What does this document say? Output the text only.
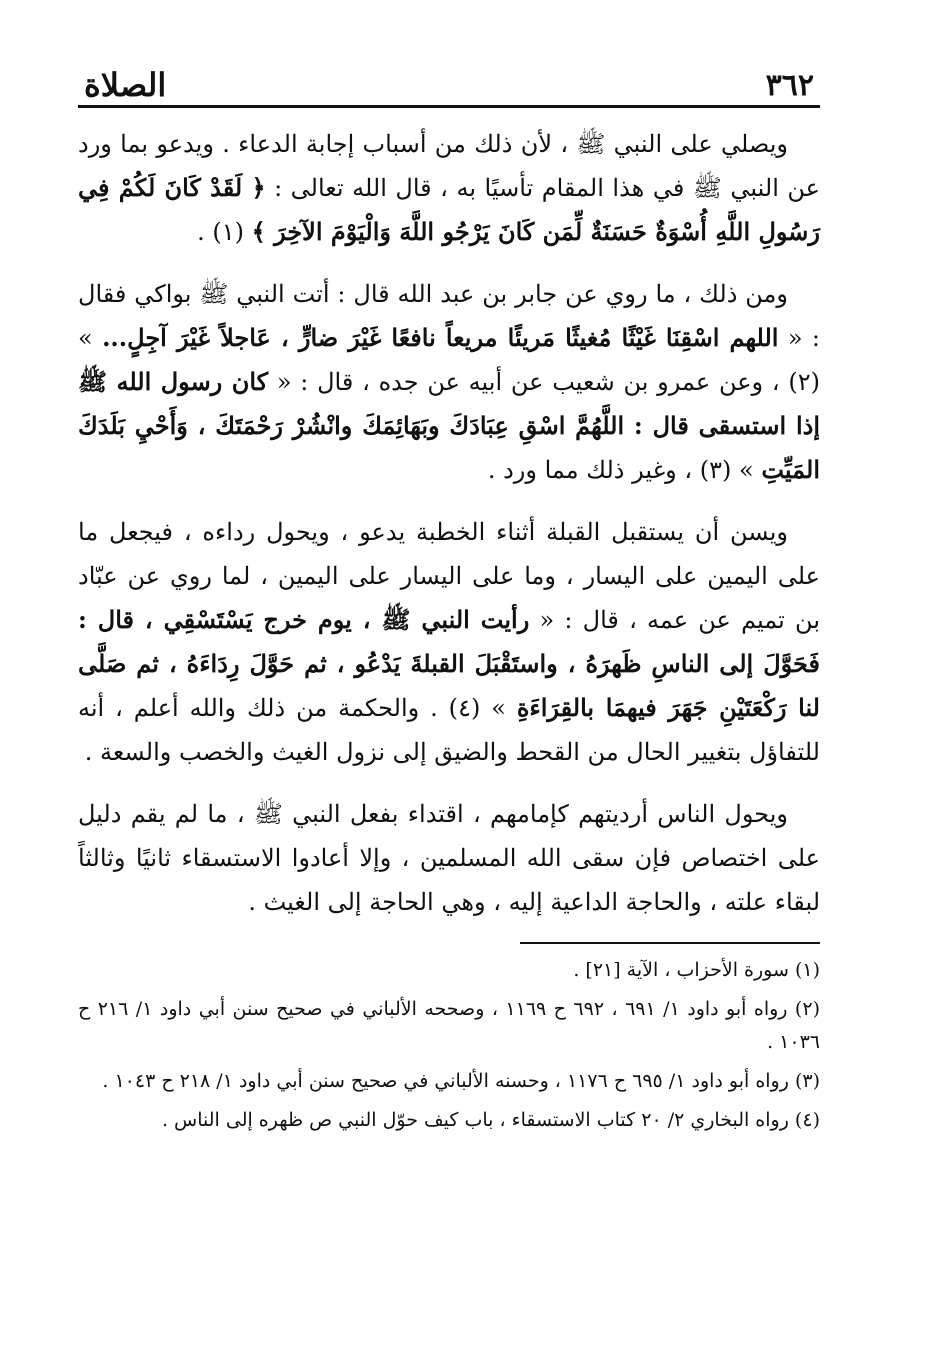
٣٦٢
الصلاة

ويصلي على النبي ﷺ ، لأن ذلك من أسباب إجابة الدعاء . ويدعو بما ورد عن النبي ﷺ في هذا المقام تأسيًا به ، قال الله تعالى : ﴿ لَقَدْ كَانَ لَكُمْ فِي رَسُولِ اللَّهِ أُسْوَةٌ حَسَنَةٌ لِّمَن كَانَ يَرْجُو اللَّهَ وَالْيَوْمَ الآخِرَ ﴾ (١) .

ومن ذلك ، ما روي عن جابر بن عبد الله قال : أتت النبي ﷺ بواكي فقال : « اللهم اسْقِنَا غَيْثًا مُغيثًا مَريئًا مريعاً نافعًا غَيْرَ ضارٍّ ، عَاجلاً غَيْرَ آجِلٍ... » (٢) ، وعن عمرو بن شعيب عن أبيه عن جده ، قال : « كان رسول الله ﷺ إذا استسقى قال : اللَّهُمَّ اسْقِ عِبَادَكَ وبَهَائِمَكَ وانْشُرْ رَحْمَتَكَ ، وَأَحْيِ بَلَدَكَ المَيِّتِ » (٣) ، وغير ذلك مما ورد .

ويسن أن يستقبل القبلة أثناء الخطبة يدعو ، ويحول رداءه ، فيجعل ما على اليمين على اليسار ، وما على اليسار على اليمين ، لما روي عن عبّاد بن تميم عن عمه ، قال : « رأيت النبي ﷺ ، يوم خرج يَسْتَسْقِي ، قال : فَحَوَّلَ إلى الناسِ ظَهرَهُ ، واستَقْبَلَ القبلةَ يَدْعُو ، ثم حَوَّلَ رِدَاءَهُ ، ثم صَلَّى لنا رَكْعَتَيْنِ جَهَرَ فيهمَا بالقِرَاءَةِ » (٤) . والحكمة من ذلك والله أعلم ، أنه للتفاؤل بتغيير الحال من القحط والضيق إلى نزول الغيث والخصب والسعة .

ويحول الناس أرديتهم كإمامهم ، اقتداء بفعل النبي ﷺ ، ما لم يقم دليل على اختصاص فإن سقى الله المسلمين ، وإلا أعادوا الاستسقاء ثانيًا وثالثاً لبقاء علته ، والحاجة الداعية إليه ، وهي الحاجة إلى الغيث .

(١) سورة الأحزاب ، الآية [٢١] .
(٢) رواه أبو داود ١/ ٦٩١ ، ٦٩٢ ح ١١٦٩ ، وصححه الألباني في صحيح سنن أبي داود ١/ ٢١٦ ح ١٠٣٦ .
(٣) رواه أبو داود ١/ ٦٩٥ ح ١١٧٦ ، وحسنه الألباني في صحيح سنن أبي داود ١/ ٢١٨ ح ١٠٤٣ .
(٤) رواه البخاري ٢/ ٢٠ كتاب الاستسقاء ، باب كيف حوّل النبي ص ظهره إلى الناس .
